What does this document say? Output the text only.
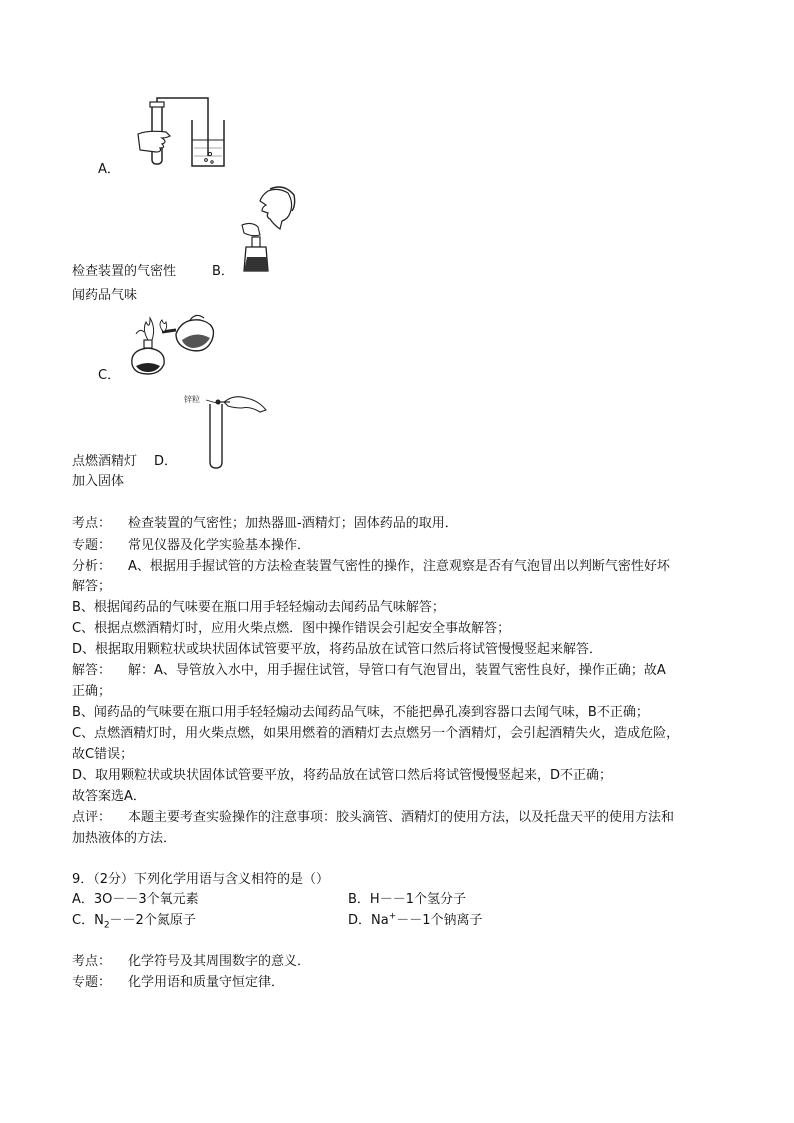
A．
检查装置的气密性	B．
闻药品气味
C．
锌粒
点燃酒精灯 D．
加入固体
考点： 检查装置的气密性；加热器皿-酒精灯；固体药品的取用．
专题： 常见仪器及化学实验基本操作．
分析： A、根据用手握试管的方法检查装置气密性的操作，注意观察是否有气泡冒出以判断气密性好坏
解答；
B、根据闻药品的气味要在瓶口用手轻轻煽动去闻药品气味解答；
C、根据点燃酒精灯时，应用火柴点燃．图中操作错误会引起安全事故解答；
D、根据取用颗粒状或块状固体试管要平放，将药品放在试管口然后将试管慢慢竖起来解答．
解答： 解：A、导管放入水中，用手握住试管，导管口有气泡冒出，装置气密性良好，操作正确；故A
正确；
B、闻药品的气味要在瓶口用手轻轻煽动去闻药品气味，不能把鼻孔凑到容器口去闻气味，B不正确；
C、点燃酒精灯时，用火柴点燃，如果用燃着的酒精灯去点燃另一个酒精灯，会引起酒精失火，造成危险，
故C错误；
D、取用颗粒状或块状固体试管要平放，将药品放在试管口然后将试管慢慢竖起来，D不正确；
故答案选A．
点评： 本题主要考查实验操作的注意事项：胶头滴管、酒精灯的使用方法，以及托盘天平的使用方法和
加热液体的方法．
9．（2分）下列化学用语与含义相符的是（）
A．3O－－3个氧元素	B．H－－1个氢分子
C．$N_2--2$个氮原子	D．Na+－－1个钠离子
考点： 化学符号及其周围数字的意义．
专题： 化学用语和质量守恒定律．
